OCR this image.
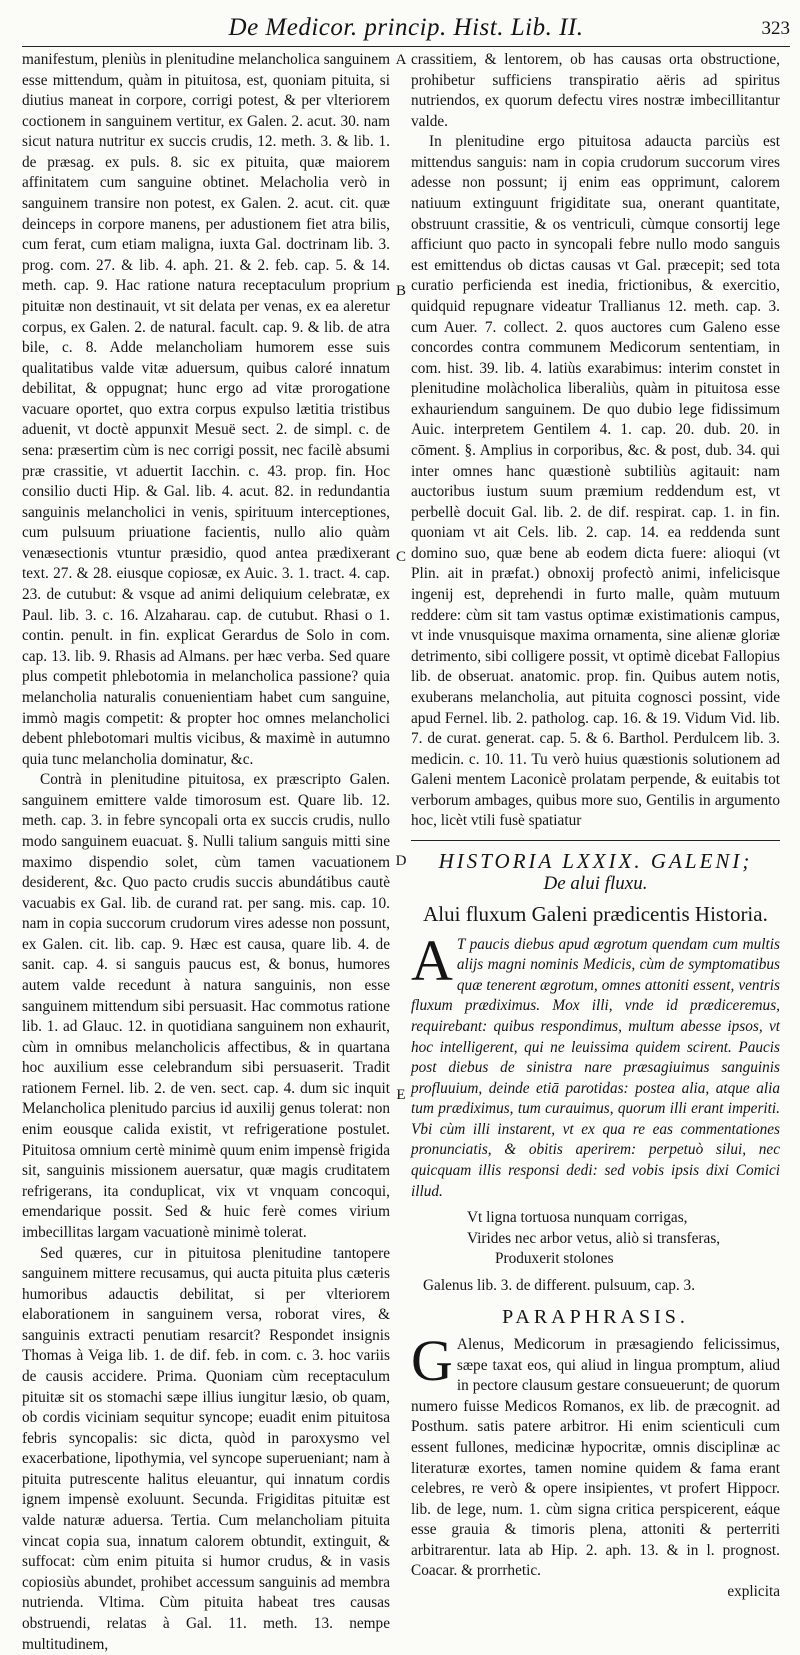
De Medicor. princip. Hist. Lib. II.	323
A
B
C
D
E

manifestum, pleniùs in plenitudine melancholica sanguinem esse mittendum, quàm in pituitosa, est, quoniam pituita, si diutius maneat in corpore, corrigi potest, & per vlteriorem coctionem in sanguinem vertitur, ex Galen. 2. acut. 30. nam sicut natura nutritur ex succis crudis, 12. meth. 3. & lib. 1. de præsag. ex puls. 8. sic ex pituita, quæ maiorem affinitatem cum sanguine obtinet. Melacholia verò in sanguinem transire non potest, ex Galen. 2. acut. cit. quæ deinceps in corpore manens, per adustionem fiet atra bilis, cum ferat, cum etiam maligna, iuxta Gal. doctrinam lib. 3. prog. com. 27. & lib. 4. aph. 21. & 2. feb. cap. 5. & 14. meth. cap. 9. Hac ratione natura receptaculum proprium pituitæ non destinauit, vt sit delata per venas, ex ea aleretur corpus, ex Galen. 2. de natural. facult. cap. 9. & lib. de atra bile, c. 8. Adde melancholiam humorem esse suis qualitatibus valde vitæ aduersum, quibus caloré innatum debilitat, & oppugnat; hunc ergo ad vitæ prorogatione vacuare oportet, quo extra corpus expulso lætitia tristibus aduenit, vt doctè appunxit Mesuë sect. 2. de simpl. c. de sena: præsertim cùm is nec corrigi possit, nec facilè absumi præ crassitie, vt aduertit Iacchin. c. 43. prop. fin. Hoc consilio ducti Hip. & Gal. lib. 4. acut. 82. in redundantia sanguinis melancholici in venis, spirituum interceptiones, cum pulsuum priuatione facientis, nullo alio quàm venæsectionis vtuntur præsidio, quod antea prædixerant text. 27. & 28. eiusque copiosæ, ex Auic. 3. 1. tract. 4. cap. 23. de cutubut: & vsque ad animi deliquium celebratæ, ex Paul. lib. 3. c. 16. Alzaharau. cap. de cutubut. Rhasi o 1. contin. penult. in fin. explicat Gerardus de Solo in com. cap. 13. lib. 9. Rhasis ad Almans. per hæc verba. Sed quare plus competit phlebotomia in melancholica passione? quia melancholia naturalis conuenientiam habet cum sanguine, immò magis competit: & propter hoc omnes melancholici debent phlebotomari multis vicibus, & maximè in autumno quia tunc melancholia dominatur, &c.

Contrà in plenitudine pituitosa, ex præscripto Galen. sanguinem emittere valde timorosum est. Quare lib. 12. meth. cap. 3. in febre syncopali orta ex succis crudis, nullo modo sanguinem euacuat. §. Nulli talium sanguis mitti sine maximo dispendio solet, cùm tamen vacuationem desiderent, &c. Quo pacto crudis succis abundátibus cautè vacuabis ex Gal. lib. de curand rat. per sang. mis. cap. 10. nam in copia succorum crudorum vires adesse non possunt, ex Galen. cit. lib. cap. 9. Hæc est causa, quare lib. 4. de sanit. cap. 4. si sanguis paucus est, & bonus, humores autem valde recedunt à natura sanguinis, non esse sanguinem mittendum sibi persuasit. Hac commotus ratione lib. 1. ad Glauc. 12. in quotidiana sanguinem non exhaurit, cùm in omnibus melancholicis affectibus, & in quartana hoc auxilium esse celebrandum sibi persuaserit. Tradit rationem Fernel. lib. 2. de ven. sect. cap. 4. dum sic inquit Melancholica plenitudo parcius id auxilij genus tolerat: non enim eousque calida existit, vt refrigeratione postulet. Pituitosa omnium certè minimè quum enim impensè frigida sit, sanguinis missionem auersatur, quæ magis cruditatem refrigerans, ita conduplicat, vix vt vnquam concoqui, emendarique possit. Sed & huic ferè comes virium imbecillitas largam vacuationè minimè tolerat.

Sed quæres, cur in pituitosa plenitudine tantopere sanguinem mittere recusamus, qui aucta pituita plus cæteris humoribus adauctis debilitat, si per vlteriorem elaborationem in sanguinem versa, roborat vires, & sanguinis extracti penutiam resarcit? Respondet insignis Thomas à Veiga lib. 1. de dif. feb. in com. c. 3. hoc variis de causis accidere. Prima. Quoniam cùm receptaculum pituitæ sit os stomachi sæpe illius iungitur læsio, ob quam, ob cordis viciniam sequitur syncope; euadit enim pituitosa febris syncopalis: sic dicta, quòd in paroxysmo vel exacerbatione, lipothymia, vel syncope superueniant; nam à pituita putrescente halitus eleuantur, qui innatum cordis ignem impensè exoluunt. Secunda. Frigiditas pituitæ est valde naturæ aduersa. Tertia. Cum melancholiam pituita vincat copia sua, innatum calorem obtundit, extinguit, & suffocat: cùm enim pituita si humor crudus, & in vasis copiosiùs abundet, prohibet accessum sanguinis ad membra nutrienda. Vltima. Cùm pituita habeat tres causas obstruendi, relatas à Gal. 11. meth. 13. nempe multitudinem,

crassitiem, & lentorem, ob has causas orta obstructione, prohibetur sufficiens transpiratio aëris ad spiritus nutriendos, ex quorum defectu vires nostræ imbecillitantur valde.

In plenitudine ergo pituitosa adaucta parciùs est mittendus sanguis: nam in copia crudorum succorum vires adesse non possunt; ij enim eas opprimunt, calorem natiuum extinguunt frigiditate sua, onerant quantitate, obstruunt crassitie, & os ventriculi, cùmque consortij lege afficiunt quo pacto in syncopali febre nullo modo sanguis est emittendus ob dictas causas vt Gal. præcepit; sed tota curatio perficienda est inedia, frictionibus, & exercitio, quidquid repugnare videatur Trallianus 12. meth. cap. 3. cum Auer. 7. collect. 2. quos auctores cum Galeno esse concordes contra communem Medicorum sententiam, in com. hist. 39. lib. 4. latiùs exarabimus: interim constet in plenitudine molàcholica liberaliùs, quàm in pituitosa esse exhauriendum sanguinem. De quo dubio lege fidissimum Auic. interpretem Gentilem 4. 1. cap. 20. dub. 20. in cōment. §. Amplius in corporibus, &c. & post, dub. 34. qui inter omnes hanc quæstionè subtiliùs agitauit: nam auctoribus iustum suum præmium reddendum est, vt perbellè docuit Gal. lib. 2. de dif. respirat. cap. 1. in fin. quoniam vt ait Cels. lib. 2. cap. 14. ea reddenda sunt domino suo, quæ bene ab eodem dicta fuere: alioqui (vt Plin. ait in præfat.) obnoxij profectò animi, infelicisque ingenij est, deprehendi in furto malle, quàm mutuum reddere: cùm sit tam vastus optimæ existimationis campus, vt inde vnusquisque maxima ornamenta, sine alienæ gloriæ detrimento, sibi colligere possit, vt optimè dicebat Fallopius lib. de obseruat. anatomic. prop. fin. Quibus autem notis, exuberans melancholia, aut pituita cognosci possint, vide apud Fernel. lib. 2. patholog. cap. 16. & 19. Vidum Vid. lib. 7. de curat. generat. cap. 5. & 6. Barthol. Perdulcem lib. 3. medicin. c. 10. 11. Tu verò huius quæstionis solutionem ad Galeni mentem Laconicè prolatam perpende, & euitabis tot verborum ambages, quibus more suo, Gentilis in argumento hoc, licèt vtili fusè spatiatur

HISTORIA LXXIX. GALENI;
De alui fluxu.
Alui fluxum Galeni prædicentis Historia.

A T paucis diebus apud ægrotum quendam cum multis alijs magni nominis Medicis, cùm de symptomatibus quæ tenerent ægrotum, omnes attoniti essent, ventris fluxum prædiximus. Mox illi, vnde id prædiceremus, requirebant: quibus respondimus, multum abesse ipsos, vt hoc intelligerent, qui ne leuissima quidem scirent. Paucis post diebus de sinistra nare præsagiuimus sanguinis profluuium, deinde etiā parotidas: postea alia, atque alia tum prædiximus, tum curauimus, quorum illi erant imperiti. Vbi cùm illi instarent, vt ex qua re eas commentationes pronunciatis, & obitis aperirem: perpetuò silui, nec quicquam illis responsi dedi: sed vobis ipsis dixi Comici illud.

Vt ligna tortuosa nunquam corrigas,
Virides nec arbor vetus, aliò si transferas,
Produxerit stolones

Galenus lib. 3. de different. pulsuum, cap. 3.

PARAPHRASIS.

G Alenus, Medicorum in præsagiendo felicissimus, sæpe taxat eos, qui aliud in lingua promptum, aliud in pectore clausum gestare consueuerunt; de quorum numero fuisse Medicos Romanos, ex lib. de præcognit. ad Posthum. satis patere arbitror. Hi enim scienticuli cum essent fullones, medicinæ hypocritæ, omnis disciplinæ ac literaturæ exortes, tamen nomine quidem & fama erant celebres, re verò & opere insipientes, vt profert Hippocr. lib. de lege, num. 1. cùm signa critica perspicerent, eáque esse grauia & timoris plena, attoniti & perterriti arbitrarentur. lata ab Hip. 2. aph. 13. & in l. prognost. Coacar. & prorrhetic.

explicita
